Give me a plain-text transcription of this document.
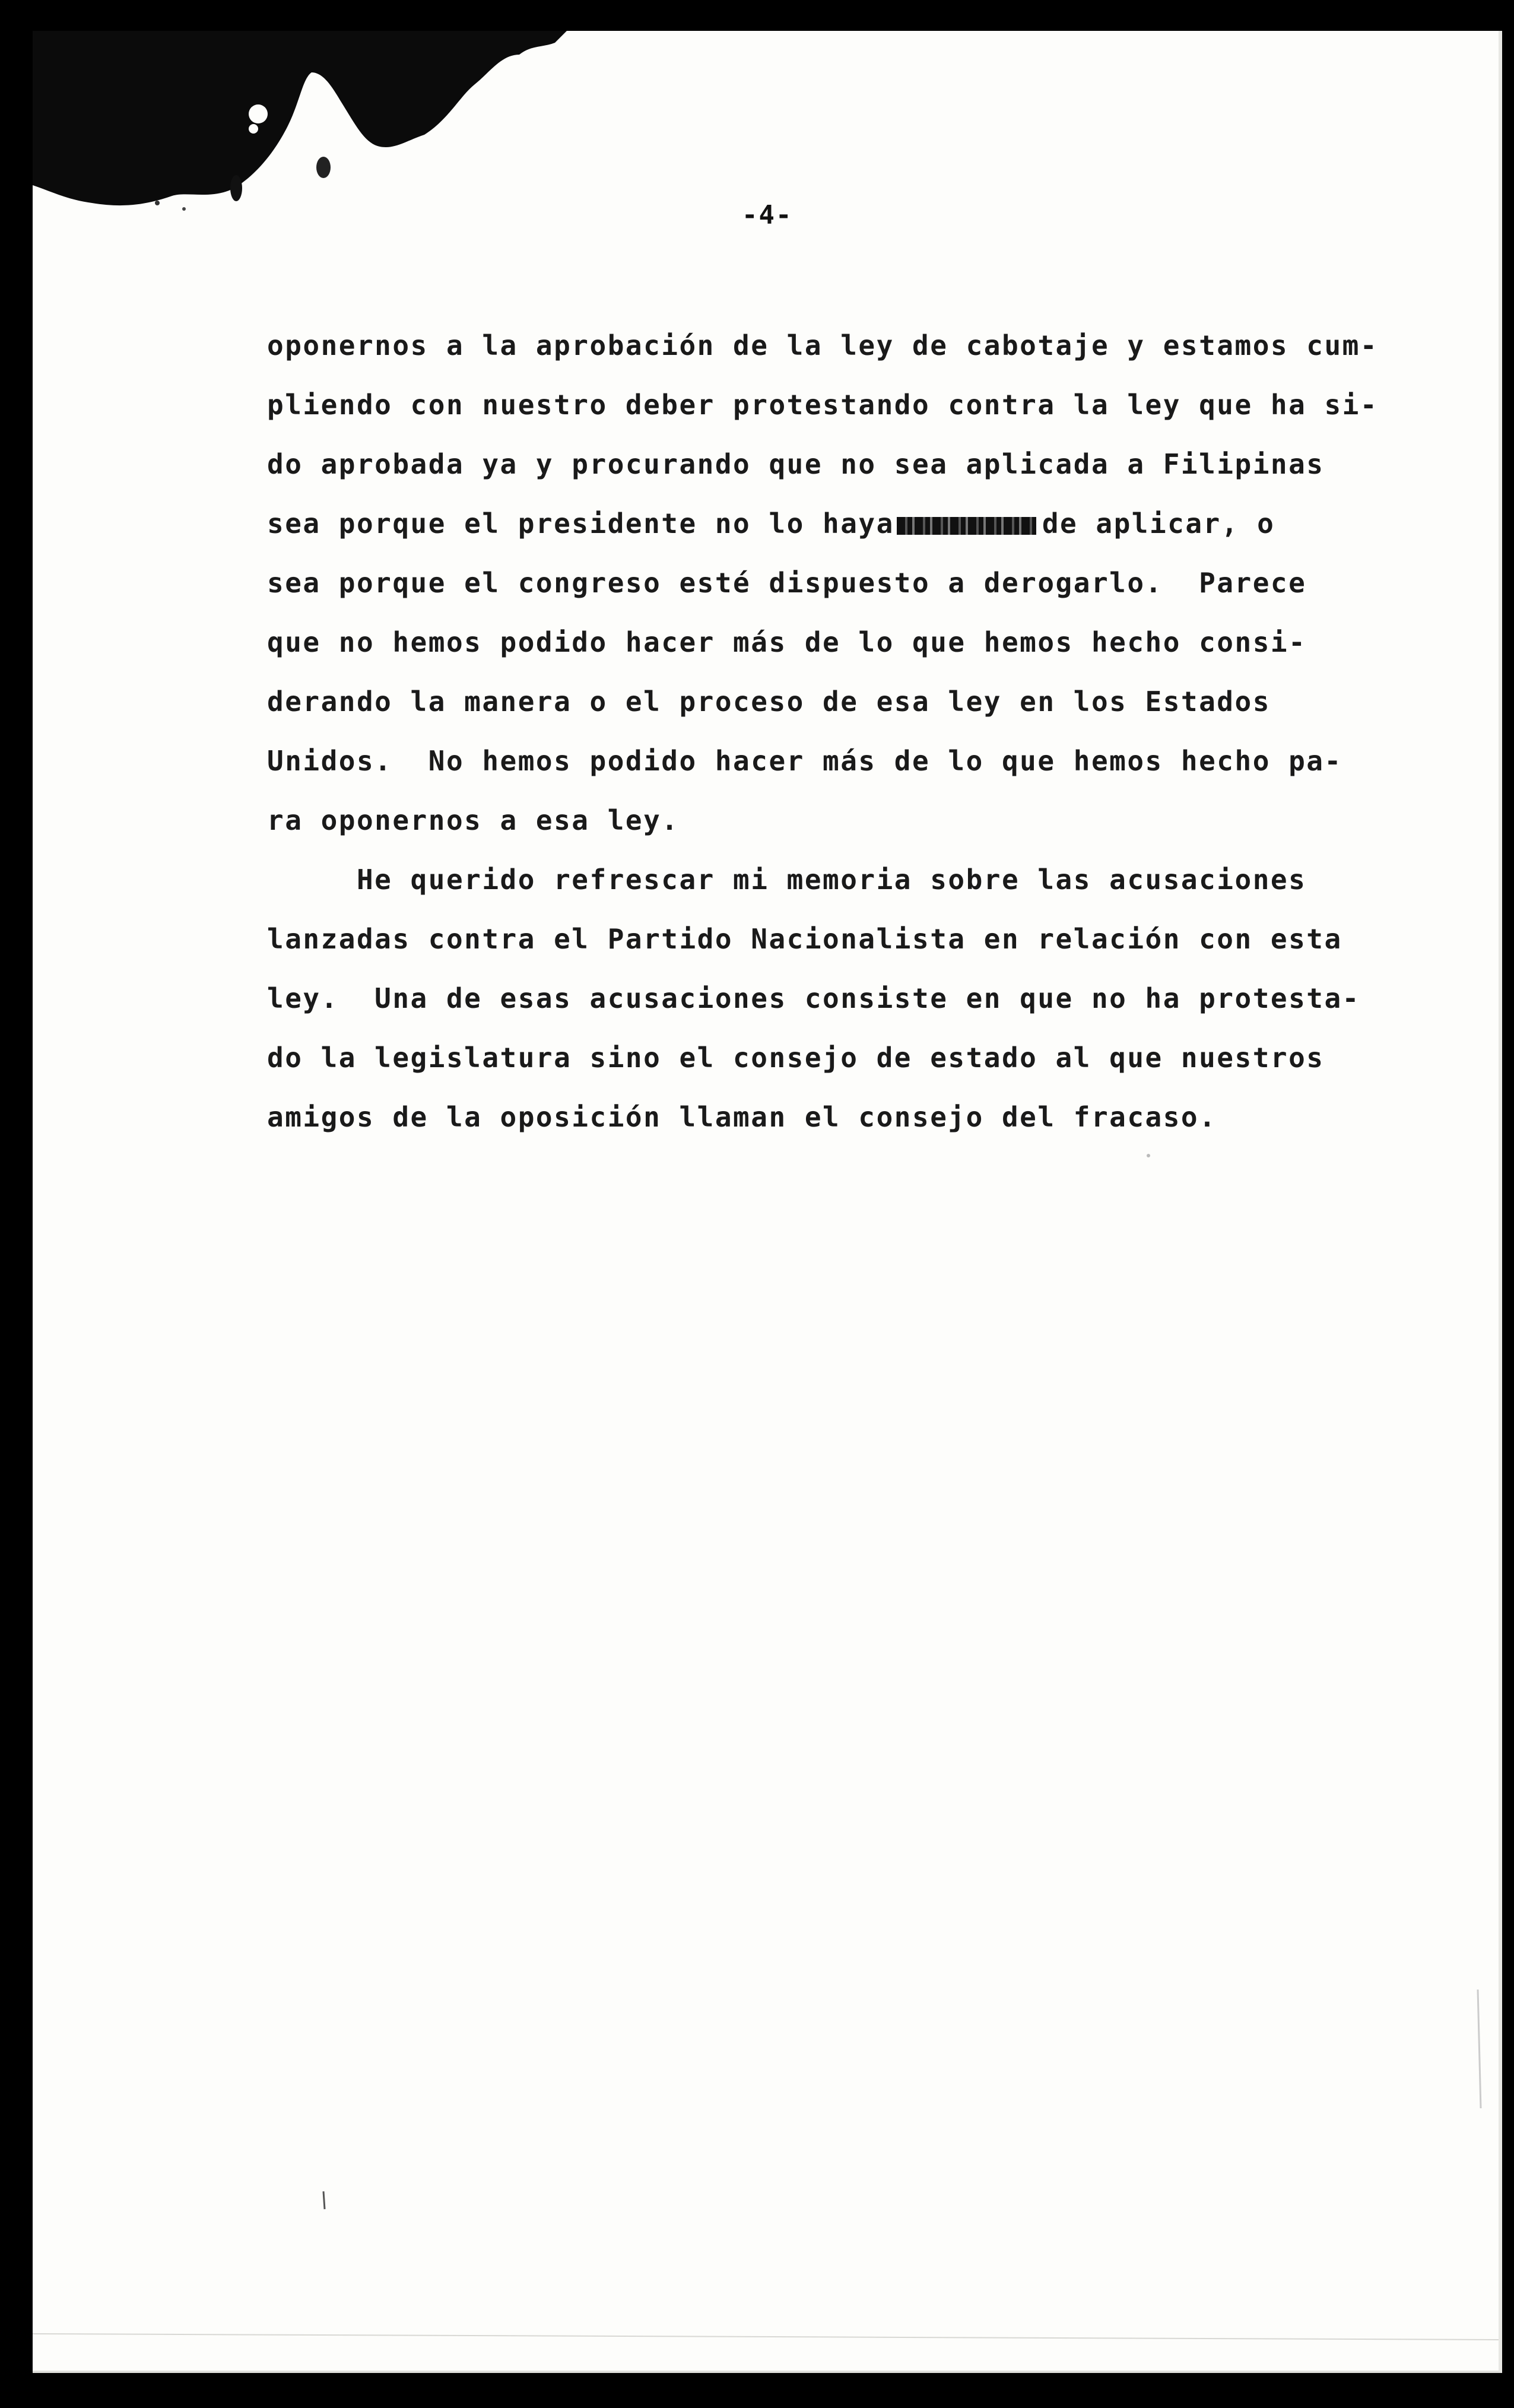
-4-
oponernos a la aprobación de la ley de cabotaje y estamos cum-
pliendo con nuestro deber protestando contra la ley que ha si-
do aprobada ya y procurando que no sea aplicada a Filipinas
sea porque el presidente no lo haya	de aplicar, o
sea porque el congreso esté dispuesto a derogarlo.  Parece
que no hemos podido hacer más de lo que hemos hecho consi-
derando la manera o el proceso de esa ley en los Estados
Unidos.  No hemos podido hacer más de lo que hemos hecho pa-
ra oponernos a esa ley.
He querido refrescar mi memoria sobre las acusaciones
lanzadas contra el Partido Nacionalista en relación con esta
ley.  Una de esas acusaciones consiste en que no ha protesta-
do la legislatura sino el consejo de estado al que nuestros
amigos de la oposición llaman el consejo del fracaso.
